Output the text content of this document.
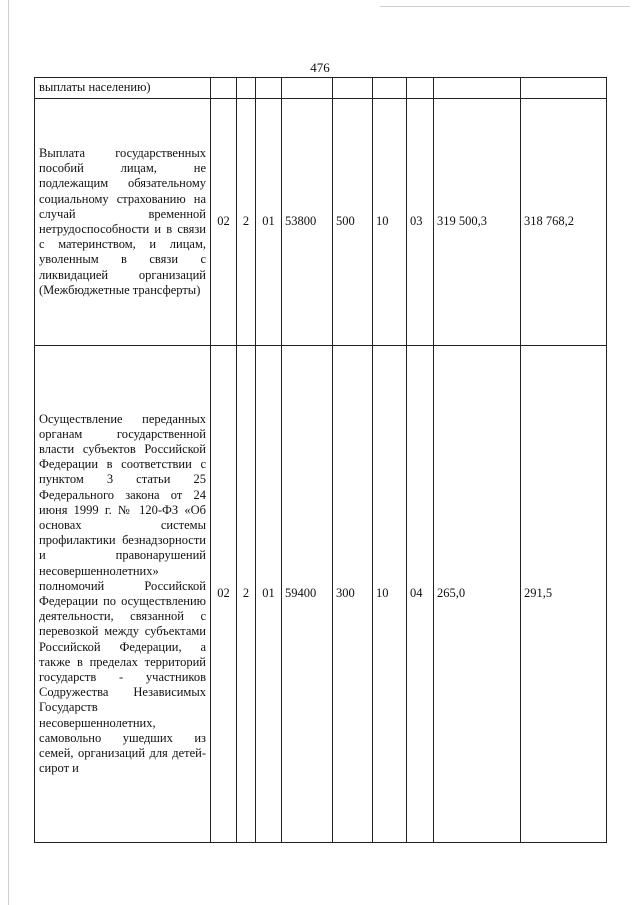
476
выплаты населению)									
Выплата государственных пособий лицам, не подлежащим обязательному социальному страхованию на случай временной нетрудоспособности и в связи с материнством, и лицам, уволенным в связи с ликвидацией организаций (Межбюджетные трансферты)	02	2	01	53800	500	10	03	319 500,3	318 768,2
Осуществление переданных органам государственной власти субъектов Российской Федерации в соответствии с пунктом 3 статьи 25 Федерального закона от 24 июня 1999 г. № 120-ФЗ «Об основах системы профилактики безнадзорности и правонарушений несовершеннолетних» полномочий Российской Федерации по осуществлению деятельности, связанной с перевозкой между субъектами Российской Федерации, а также в пределах территорий государств - участников Содружества Независимых Государств несовершеннолетних, самовольно ушедших из семей, организаций для детей-сирот и	02	2	01	59400	300	10	04	265,0	291,5
